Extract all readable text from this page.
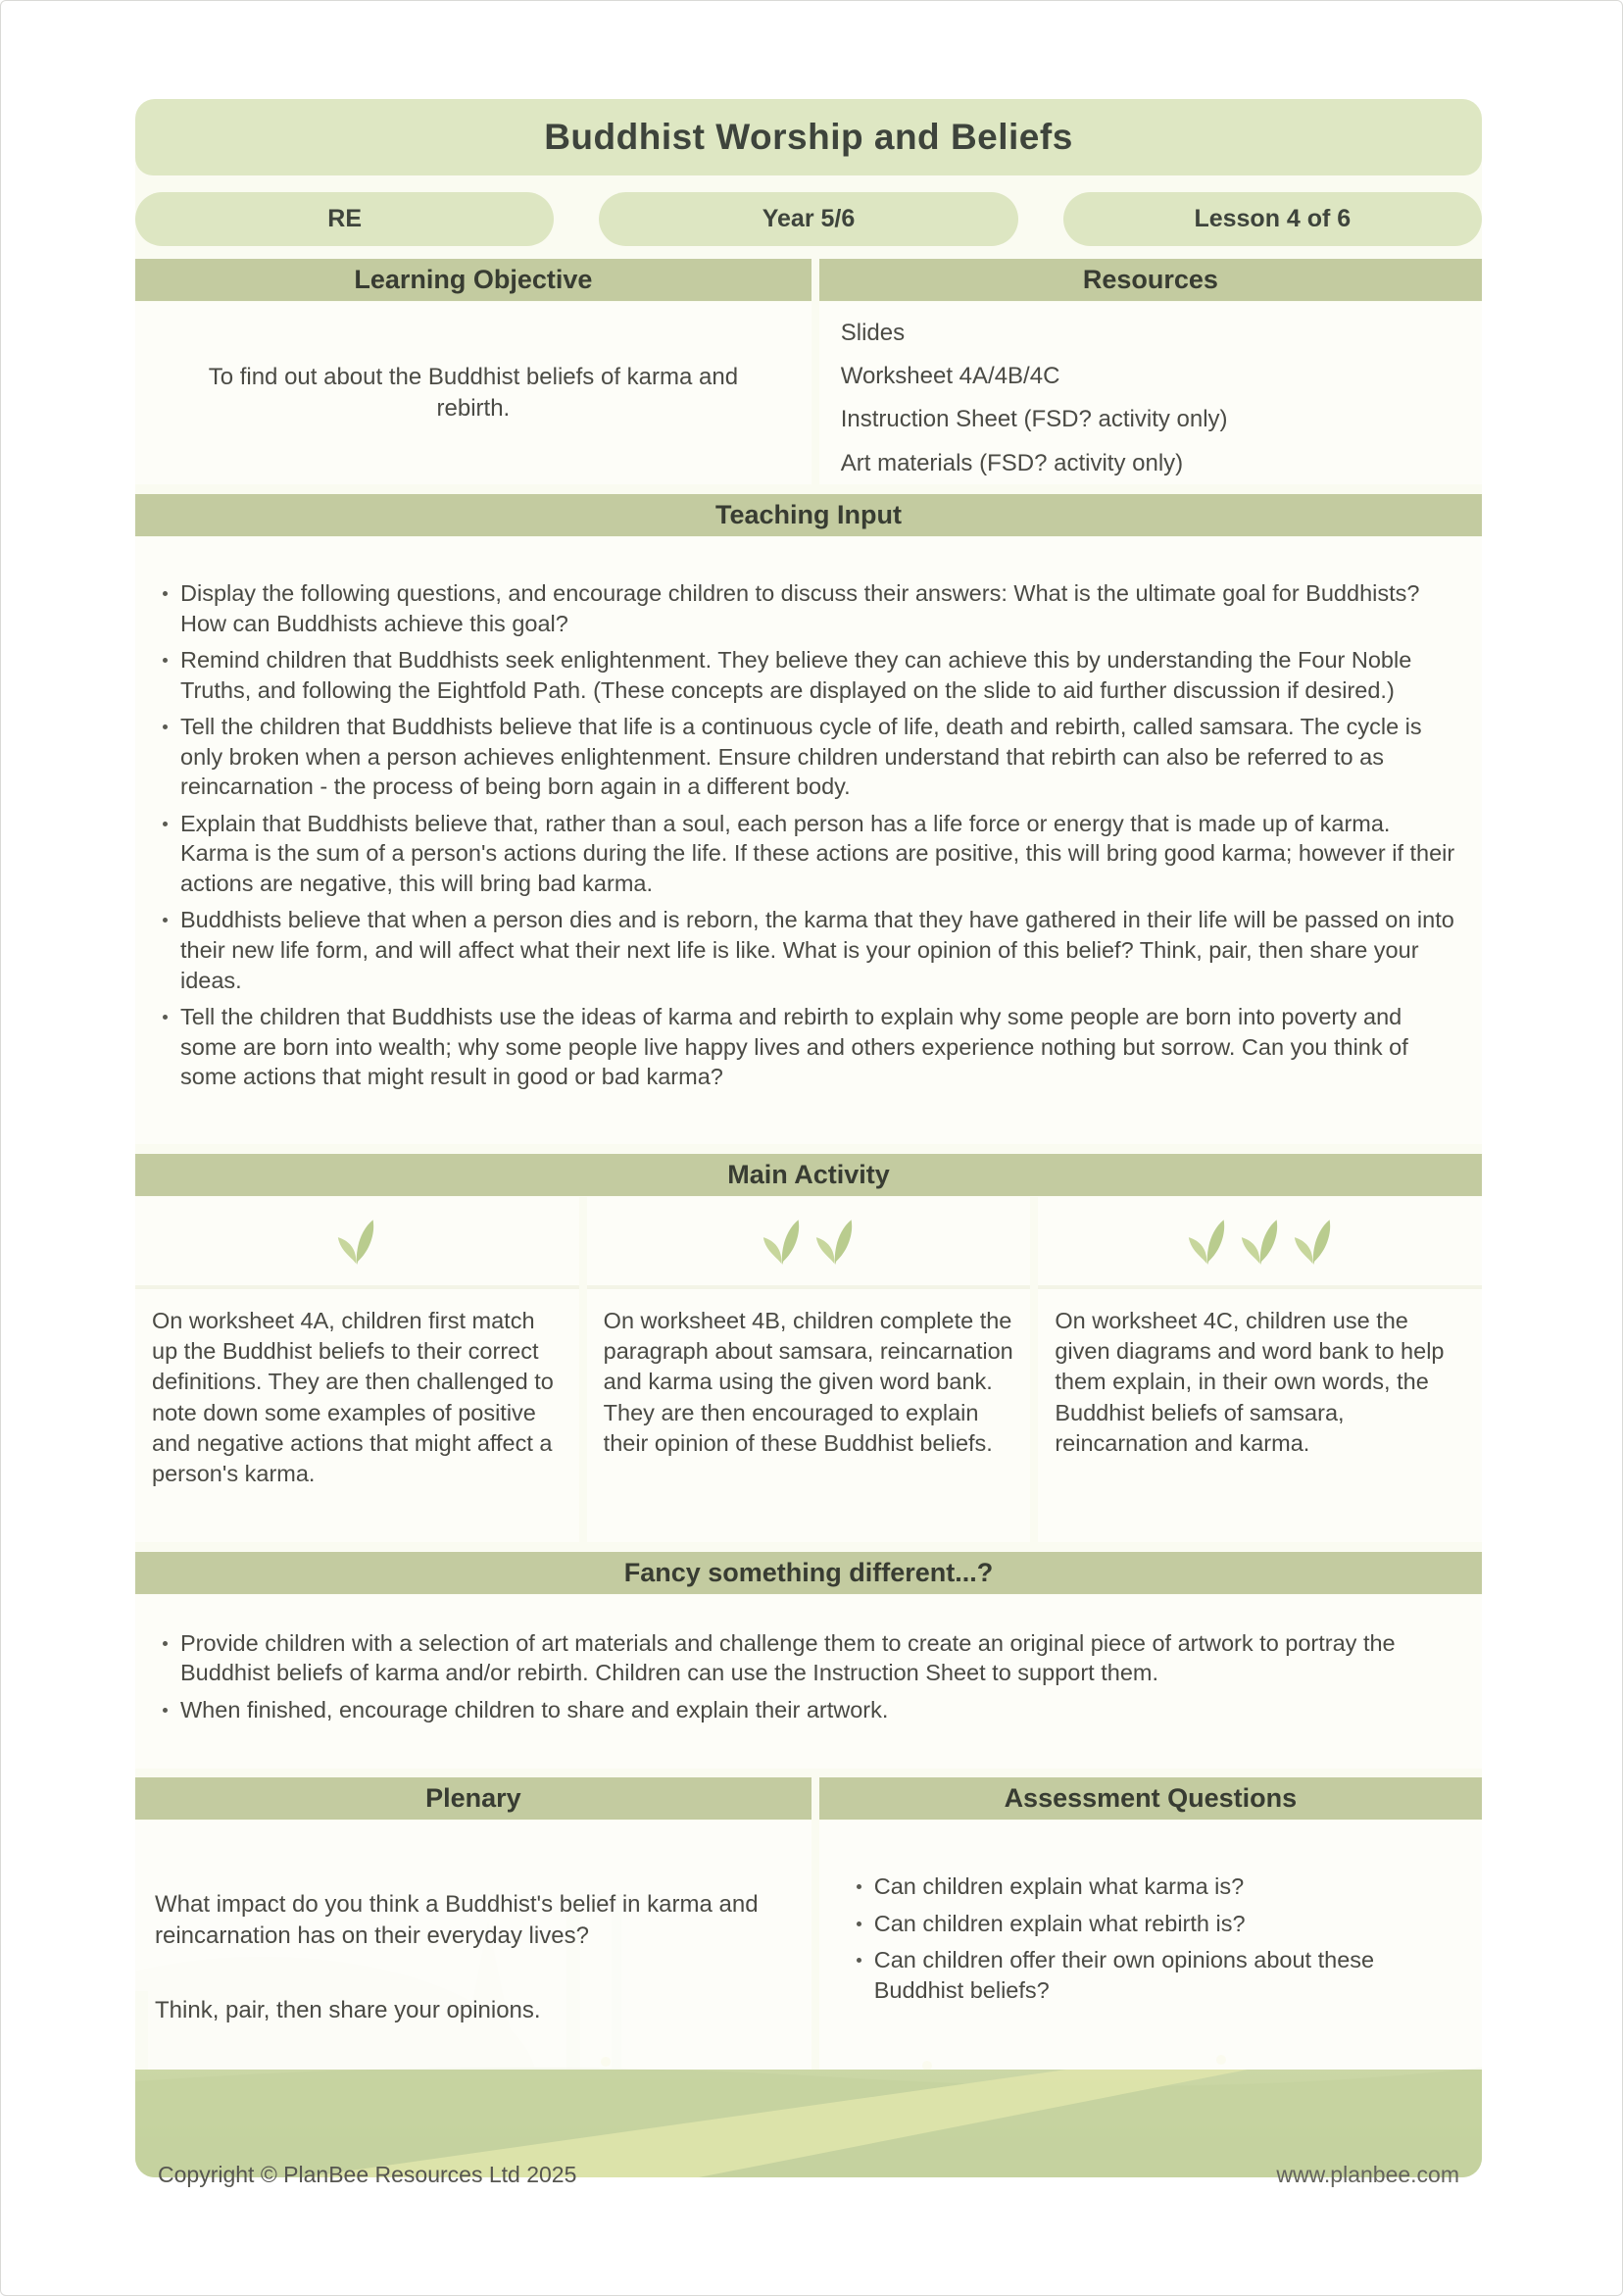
Buddhist Worship and Beliefs
RE	Year 5/6	Lesson 4 of 6
Learning Objective	Resources
To find out about the Buddhist beliefs of karma and rebirth.
Slides
Worksheet 4A/4B/4C
Instruction Sheet (FSD? activity only)
Art materials (FSD? activity only)
Teaching Input
Display the following questions, and encourage children to discuss their answers: What is the ultimate goal for Buddhists? How can Buddhists achieve this goal?
Remind children that Buddhists seek enlightenment. They believe they can achieve this by understanding the Four Noble Truths, and following the Eightfold Path. (These concepts are displayed on the slide to aid further discussion if desired.)
Tell the children that Buddhists believe that life is a continuous cycle of life, death and rebirth, called samsara. The cycle is only broken when a person achieves enlightenment. Ensure children understand that rebirth can also be referred to as reincarnation - the process of being born again in a different body.
Explain that Buddhists believe that, rather than a soul, each person has a life force or energy that is made up of karma. Karma is the sum of a person's actions during the life. If these actions are positive, this will bring good karma; however if their actions are negative, this will bring bad karma.
Buddhists believe that when a person dies and is reborn, the karma that they have gathered in their life will be passed on into their new life form, and will affect what their next life is like. What is your opinion of this belief? Think, pair, then share your ideas.
Tell the children that Buddhists use the ideas of karma and rebirth to explain why some people are born into poverty and some are born into wealth; why some people live happy lives and others experience nothing but sorrow. Can you think of some actions that might result in good or bad karma?
Main Activity
On worksheet 4A, children first match up the Buddhist beliefs to their correct definitions. They are then challenged to note down some examples of positive and negative actions that might affect a person's karma.
On worksheet 4B, children complete the paragraph about samsara, reincarnation and karma using the given word bank. They are then encouraged to explain their opinion of these Buddhist beliefs.
On worksheet 4C, children use the given diagrams and word bank to help them explain, in their own words, the Buddhist beliefs of samsara, reincarnation and karma.
Fancy something different...?
Provide children with a selection of art materials and challenge them to create an original piece of artwork to portray the Buddhist beliefs of karma and/or rebirth. Children can use the Instruction Sheet to support them.
When finished, encourage children to share and explain their artwork.
Plenary	Assessment Questions

What impact do you think a Buddhist's belief in karma and reincarnation has on their everyday lives?

Think, pair, then share your opinions.

Can children explain what karma is?
Can children explain what rebirth is?
Can children offer their own opinions about these Buddhist beliefs?
Copyright © PlanBee Resources Ltd 2025	www.planbee.com
